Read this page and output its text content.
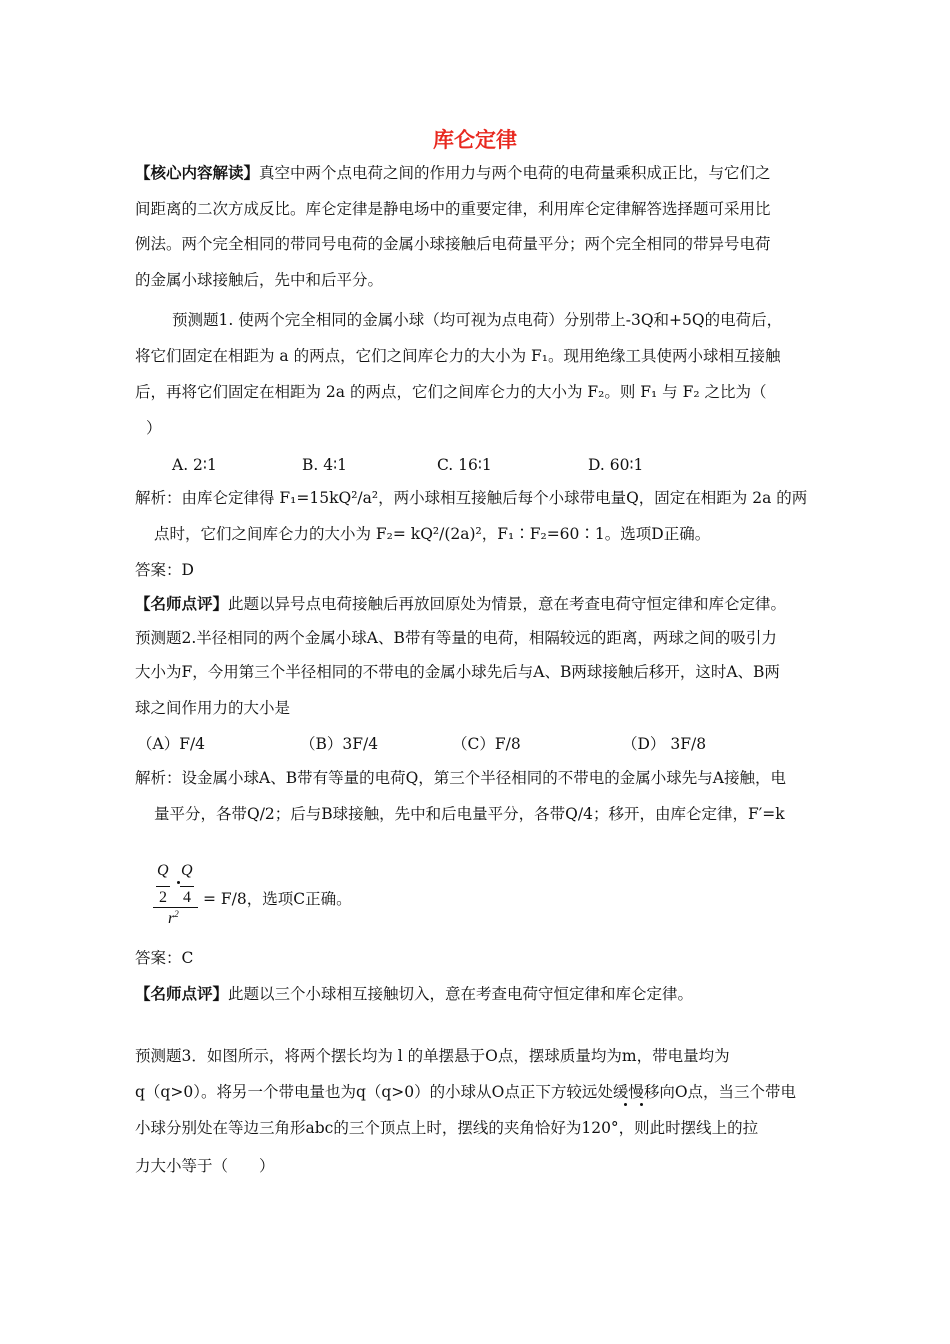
库仑定律
【核心内容解读】真空中两个点电荷之间的作用力与两个电荷的电荷量乘积成正比，与它们之
间距离的二次方成反比。库仑定律是静电场中的重要定律，利用库仑定律解答选择题可采用比
例法。两个完全相同的带同号电荷的金属小球接触后电荷量平分；两个完全相同的带异号电荷
的金属小球接触后，先中和后平分。
预测题1. 使两个完全相同的金属小球（均可视为点电荷）分别带上-3Q和+5Q的电荷后，
将它们固定在相距为 a 的两点，它们之间库仑力的大小为 F₁。现用绝缘工具使两小球相互接触
后，再将它们固定在相距为 2a 的两点，它们之间库仑力的大小为 F₂。则 F₁ 与 F₂ 之比为（
）
A. 2∶1	B. 4∶1	C. 16∶1	D. 60∶1
解析：由库仑定律得 F₁=15kQ²/a²，两小球相互接触后每个小球带电量Q，固定在相距为 2a 的两
点时，它们之间库仑力的大小为 F₂= kQ²/(2a)²，F₁∶F₂=60∶1。选项D正确。
答案：D
【名师点评】此题以异号点电荷接触后再放回原处为情景，意在考查电荷守恒定律和库仑定律。
预测题2.半径相同的两个金属小球A、B带有等量的电荷，相隔较远的距离，两球之间的吸引力
大小为F，今用第三个半径相同的不带电的金属小球先后与A、B两球接触后移开，这时A、B两
球之间作用力的大小是
（A）F/4	（B）3F/4	（C）F/8	（D） 3F/8
解析：设金属小球A、B带有等量的电荷Q，第三个半径相同的不带电的金属小球先与A接触，电
量平分，各带Q/2；后与B球接触，先中和后电量平分，各带Q/4；移开，由库仑定律，F′=k
Q Q
2 4
$r^2$
= F/8，选项C正确。
答案：C
【名师点评】此题以三个小球相互接触切入，意在考查电荷守恒定律和库仑定律。
预测题3．如图所示，将两个摆长均为 l 的单摆悬于O点，摆球质量均为m，带电量均为
q（q>0）。将另一个带电量也为q（q>0）的小球从O点正下方较远处缓慢移向O点，当三个带电
小球分别处在等边三角形abc的三个顶点上时，摆线的夹角恰好为120°，则此时摆线上的拉
力大小等于（　　）
